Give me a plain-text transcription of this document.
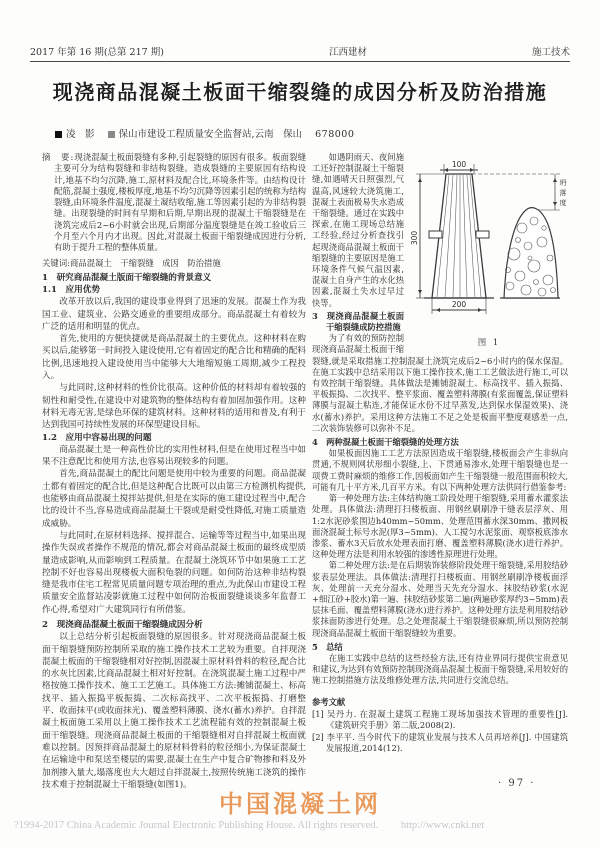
2017 年第 16 期(总第 217 期)	江西建材	施工技术
现浇商品混凝土板面干缩裂缝的成因分析及防治措施
凌　影	保山市建设工程质量安全监督站,云南　保山 678000
摘　要:现浇混凝土板面裂缝有多种,引起裂缝的原因有很多。板面裂缝主要可分为结构裂缝和非结构裂缝。造成裂缝的主要原因有结构设计,地基不均匀沉降,施工,原材料及配合比,环境条件等。由结构设计配筋,混凝土强度,楼板厚度,地基不均匀沉降等因素引起的统称为结构裂缝,由环境条件温度,混凝土凝结收缩,施工等因素引起的为非结构裂缝。出现裂缝的时间有早期和后期,早期出现的混凝土干缩裂缝是在浇筑完成后2~6小时就会出现,后期部分温度裂缝是在竣工验收后三个月至六个月内才出现。因此,对混凝土板面干缩裂缝成因进行分析,有助于提升工程的整体质量。
关键词:商品混凝土　干缩裂缝　成因　防治措施
1　研究商品混凝土版面干缩裂缝的背景意义
1.1　应用优势

改革开放以后,我国的建设事业得到了迅速的发展。混凝土作为我国工业、建筑业、公路交通业的重要组成部分。商品混凝土有着较为广泛的适用和明显的优点。

首先,使用的方便快捷就是商品混凝土的主要优点。这种材料在购买以后,能够第一时间投入建设使用,它有着固定的配合比和精确的配料比例,迅速地投入建设使用当中能够大大地缩短施工周期,减少工程投入。

与此同时,这种材料的性价比很高。这种价低的材料却有着较强的韧性和耐受性,在建设中对建筑物的整体结构有着加固加强作用。这种材料无毒无害,是绿色环保的建筑材料。这种材料的适用和普及,有利于达到我国可持续性发展的环保型建设目标。

1.2　应用中容易出现的问题

商品混凝土是一种高性价比的实用性材料,但是在使用过程当中如果不注意配比和使用方法,也容易出现较多的问题。

首先,商品混凝土的配比问题是使用中较为重要的问题。商品混凝土都有着固定的配合比,但是这种配合比既可以由第三方检测机构提供,也能够由商品混凝土搅拌站提供,但是在实际的施工建设过程当中,配合比的设计不当,容易造成商品混凝土干裂或是耐受性降低,对施工质量造成威胁。

与此同时,在原材料选择、搅拌混合、运输等等过程当中,如果出现操作失误或者操作不规范的情况,都会对商品混凝土板面的最终成型质量造成影响,从而影响到工程质量。在混凝土浇筑环节中如果施工工艺控制不好也容易出现楼板大面积龟裂的问题。如何防治这种非结构裂缝是我市住宅工程常见质量问题专项治理的重点,为此保山市建设工程质量安全监督站凌影就施工过程中如何防治板面裂缝谈谈多年监督工作心得,希望对广大建筑同行有所借鉴。

2　现浇商品混凝土板面干缩裂缝成因分析

以上总结分析引起板面裂缝的原因很多。针对现浇商品混凝土板面干缩裂缝预防控制所采取的施工操作技术工艺较为重要。自拌现浇混凝土板面的干缩裂缝相对好控制,因混凝土原材料骨料的粒径,配合比的水灰比因素,比商品混凝土相对好控制。在浇筑混凝土施工过程中严格按施工操作技术、施工工艺施工。具体施工方法:摊铺混凝土、标高找平、插入振捣平板振捣、二次标高找平、二次平板振捣、打磨整平、收面抹平(或收面抹光)、覆盖塑料薄膜、浇水(蓄水)养护。自拌混凝土板面施工采用以上施工操作技术工艺流程能有效的控制混凝土板面干缩裂缝。现浇商品混凝土板面的干缩裂缝相对自拌混凝土板面就难以控制。因预拌商品混凝土的原材料骨料的粒径细小,为保证混凝土在运输途中和泵送至楼层的需要,混凝土在生产中复合矿物掺和料及外加剂掺入量大,塌落度也大大超过自拌混凝土,按照传统施工浇筑的操作技术难于控制混凝土干缩裂缝(如图1)。

100
300
200
坍
落
度
图 1

如遇阴雨天、夜间施工还好控制混凝土干缩裂缝,如遇晴天日照强烈,气温高,风速较大浇筑施工,混凝土表面极易失水造成干缩裂缝。通过在实践中探索,在施工现场总结施工经验,经过分析查找引起现浇商品混凝土板面干缩裂缝的主要原因是施工环境条件气候气温因素,混凝土自身产生的水化热因素,混凝土失水过早过快等。

3　现浇商品混凝土板面干缩裂缝成防控措施

为了有效的预防控制现浇商品混凝土板面干缩裂缝,就是采取措施工控制混凝土浇筑完成后2~6小时内的保水保湿。在施工实践中总结采用以下施工操作技术,施工工艺做法进行施工,可以有效控制干缩裂缝。具体做法是摊铺混凝土、标高找平、插入振捣、平板振捣、二次找平、整平浆面、覆盖塑料薄膜(有浆面覆盖,保证塑料薄膜与混凝土粘连,才能保证水份不过早蒸发,达到保水保湿效果)、浇水(蓄水)养护。采用这种方法施工不足之处是板面平整度观感差一点,二次装饰装修可以弥补不足。

4　两种混凝土板面干缩裂缝的处理方法

如果板面因施工工艺方法原因造成干缩裂缝,楼板面会产生非纵向贯通,不规则网状形细小裂缝,上、下贯通易渗水,处理干缩裂缝也是一项费工费时麻烦的维修工作,因板面如产生干缩裂缝一般范围面积较大,可能有几十平方米,几百平方米。有以下两种处理方法供同行借鉴参考:

第一种处理方法:主体结构施工阶段处理干缩裂缝,采用蓄水灌浆法处理。具体做法:清理打扫楼板面、用钢丝刷刷净干缝表层浮灰、用1:2水泥砂浆围边h40mm~50mm、处理范围蓄水深30mm、撒网板面浇混凝土标号水泥(厚3~5mm)、人工搅匀水泥浆面、观察板底渗水渗浆、蓄水3天后放水处理表面打磨、覆盖塑料薄膜(浇水)进行养护。这种处理方法是利用水较强的渗透性原理进行处理。

第二种处理方法:是在后期装饰装修阶段处理干缩裂缝,采用胶结砂浆表层处理法。具体做法:清理打扫楼板面、用钢丝刷刷净楼板面浮灰、处理前一天充分湿水、处理当天先充分湿水、抹胶结砂浆(水泥+细江砂+胶水)第一遍、抹胶结砂浆第二遍(两遍砂浆厚约3~5mm)表层抹毛面、覆盖塑料薄膜(浇水)进行养护。这种处理方法是利用胶结砂浆抹面防渗进行处理。总之处理混凝土干缩裂缝很麻烦,所以预防控制现浇商品混凝土板面干缩裂缝较为重要。

5　总结

在施工实践中总结的这些经验方法,还有待业界同行提供宝贵意见和建议,为达到有效预防控制现浇商品混凝土板面干缩裂缝,采用较好的施工控制措施方法及维修处理方法,共同进行交流总结。

参考文献
[1] 吴丹力. 在混凝土建筑工程施工现场加强技术管理的重要性[J].《建筑研究手册》第二版,2008(2).
[2] 李平平. 当今时代下的建筑业发展与技术人员再培养[J]. 中国建筑发展报道,2014(12).
· 97 ·
中国混凝土网
?1994-2017 China Academic Journal Electronic Publishing House. All rights reserved. http://www.cnki.net
